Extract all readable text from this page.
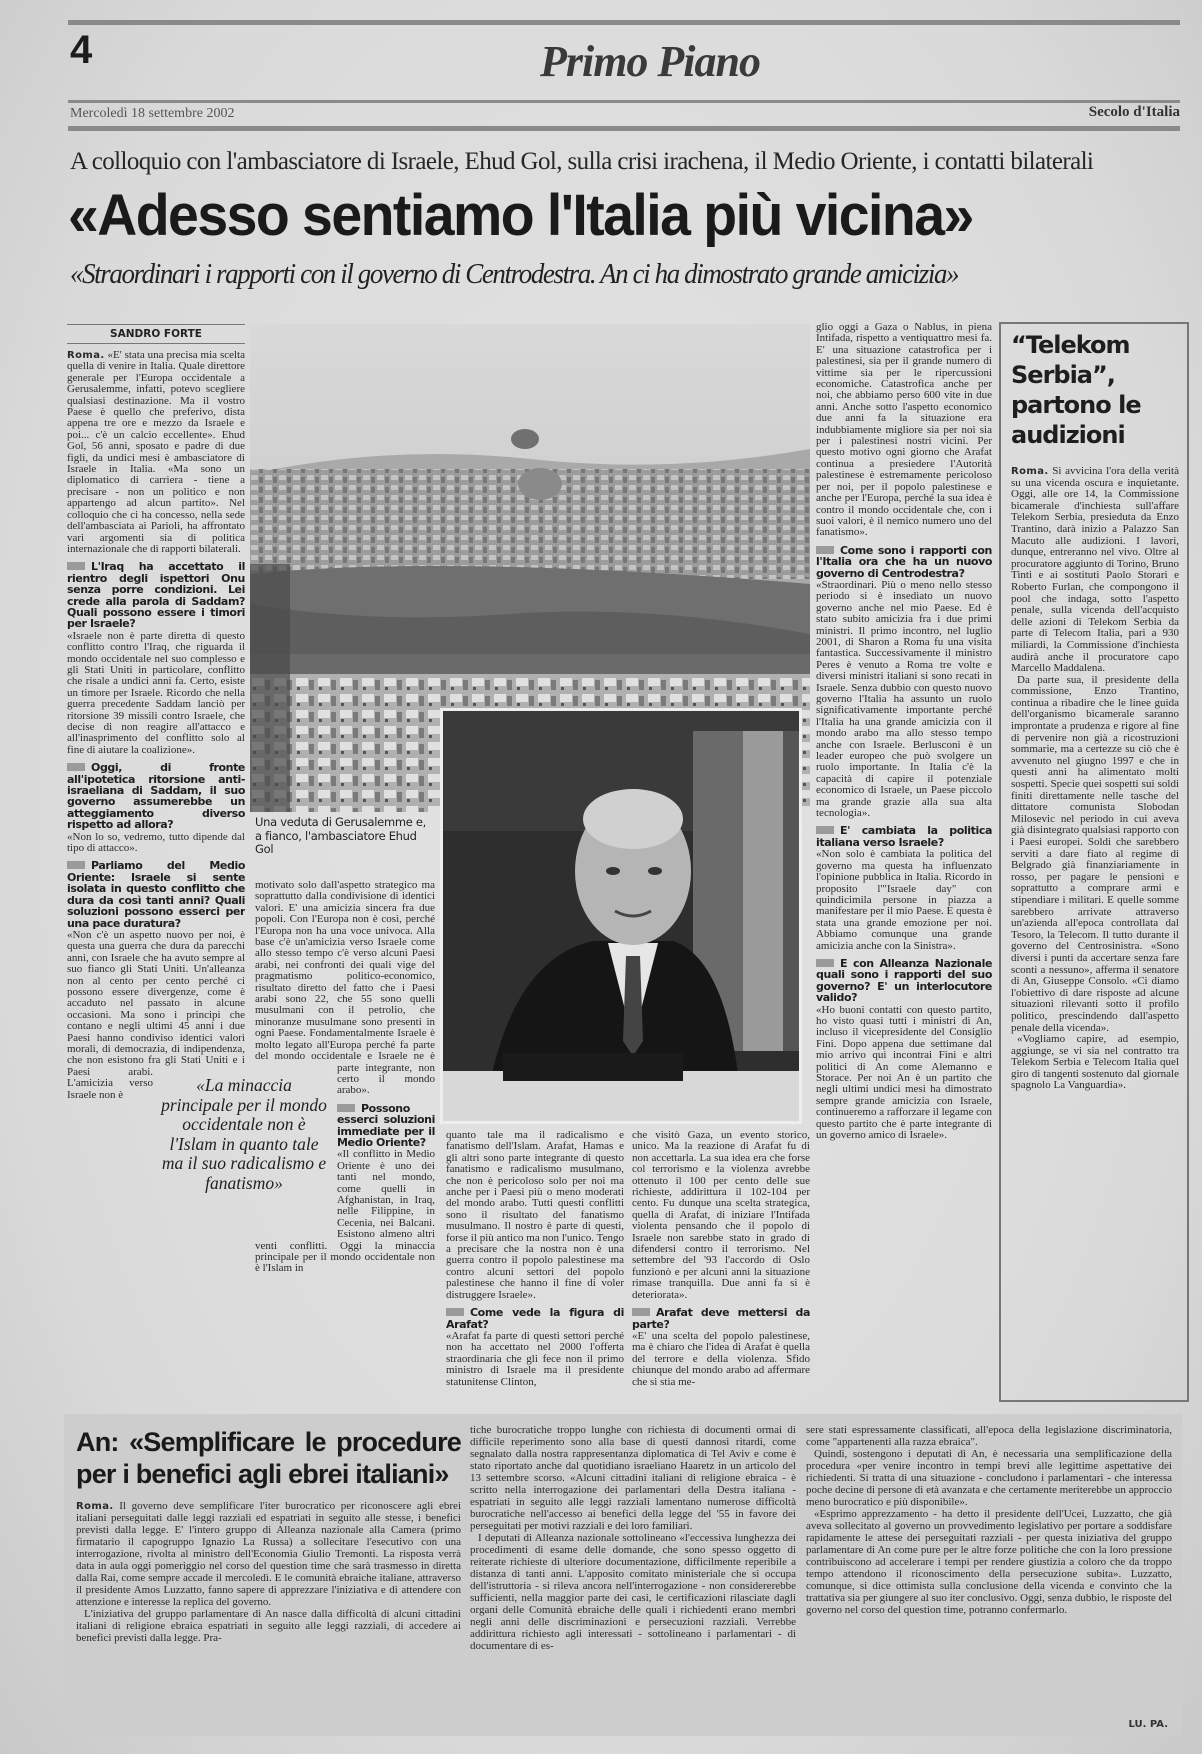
4	Primo Piano
Mercoledì 18 settembre 2002	Secolo d'Italia
A colloquio con l'ambasciatore di Israele, Ehud Gol, sulla crisi irachena, il Medio Oriente, i contatti bilaterali
«Adesso sentiamo l'Italia più vicina»
«Straordinari i rapporti con il governo di Centrodestra. An ci ha dimostrato grande amicizia»
Una veduta di Gerusalemme e, a fianco, l'ambasciatore Ehud Gol
SANDRO FORTE

Roma. «E' stata una precisa mia scelta quella di venire in Italia. Quale direttore generale per l'Europa occidentale a Gerusalemme, infatti, potevo scegliere qualsiasi destinazione. Ma il vostro Paese è quello che preferivo, dista appena tre ore e mezzo da Israele e poi... c'è un calcio eccellente». Ehud Gol, 56 anni, sposato e padre di due figli, da undici mesi è ambasciatore di Israele in Italia. «Ma sono un diplomatico di carriera - tiene a precisare - non un politico e non appartengo ad alcun partito». Nel colloquio che ci ha concesso, nella sede dell'ambasciata ai Parioli, ha affrontato vari argomenti sia di politica internazionale che di rapporti bilaterali.

L'Iraq ha accettato il rientro degli ispettori Onu senza porre condizioni. Lei crede alla parola di Saddam? Quali possono essere i timori per Israele?

«Israele non è parte diretta di questo conflitto contro l'Iraq, che riguarda il mondo occidentale nel suo complesso e gli Stati Uniti in particolare, conflitto che risale a undici anni fa. Certo, esiste un timore per Israele. Ricordo che nella guerra precedente Saddam lanciò per ritorsione 39 missili contro Israele, che decise di non reagire all'attacco e all'inasprimento del conflitto solo al fine di aiutare la coalizione».

Oggi, di fronte all'ipotetica ritorsione anti-israeliana di Saddam, il suo governo assumerebbe un atteggiamento diverso rispetto ad allora?

«Non lo so, vedremo, tutto dipende dal tipo di attacco».

Parliamo del Medio Oriente: Israele si sente isolata in questo conflitto che dura da così tanti anni? Quali soluzioni possono esserci per una pace duratura?

«Non c'è un aspetto nuovo per noi, è questa una guerra che dura da parecchi anni, con Israele che ha avuto sempre al suo fianco gli Stati Uniti. Un'alleanza non al cento per cento perché ci possono essere divergenze, come è accaduto nel passato in alcune occasioni. Ma sono i principi che contano e negli ultimi 45 anni i due Paesi hanno condiviso identici valori morali, di democrazia, di indipendenza, che non esistono fra gli Stati Uniti e i Paesi arabi. L'amicizia verso Israele non è

motivato solo dall'aspetto strategico ma soprattutto dalla condivisione di identici valori. E' una amicizia sincera fra due popoli. Con l'Europa non è così, perché l'Europa non ha una voce univoca. Alla base c'è un'amicizia verso Israele come allo stesso tempo c'è verso alcuni Paesi arabi, nei confronti dei quali vige del pragmatismo politico-economico, risultato diretto del fatto che i Paesi arabi sono 22, che 55 sono quelli musulmani con il petrolio, che minoranze musulmane sono presenti in ogni Paese. Fondamentalmente Israele è molto legato all'Europa perché fa parte del mondo occidentale e Israele ne è parte integrante, non certo il mondo arabo».

Possono esserci soluzioni immediate per il Medio Oriente?

«Il conflitto in Medio Oriente è uno dei tanti nel mondo, come quelli in Afghanistan, in Iraq, nelle Filippine, in Cecenia, nei Balcani. Esistono almeno altri venti conflitti. Oggi la minaccia principale per il mondo occidentale non è l'Islam in

«La minaccia principale per il mondo occidentale non è l'Islam in quanto tale ma il suo radicalismo e fanatismo»

quanto tale ma il radicalismo e fanatismo dell'Islam. Arafat, Hamas e gli altri sono parte integrante di questo fanatismo e radicalismo musulmano, che non è pericoloso solo per noi ma anche per i Paesi più o meno moderati del mondo arabo. Tutti questi conflitti sono il risultato del fanatismo musulmano. Il nostro è parte di questi, forse il più antico ma non l'unico. Tengo a precisare che la nostra non è una guerra contro il popolo palestinese ma contro alcuni settori del popolo palestinese che hanno il fine di voler distruggere Israele».

Come vede la figura di Arafat?

«Arafat fa parte di questi settori perché non ha accettato nel 2000 l'offerta straordinaria che gli fece non il primo ministro di Israele ma il presidente statunitense Clinton,

che visitò Gaza, un evento storico, unico. Ma la reazione di Arafat fu di non accettarla. La sua idea era che forse col terrorismo e la violenza avrebbe ottenuto il 100 per cento delle sue richieste, addirittura il 102-104 per cento. Fu dunque una scelta strategica, quella di Arafat, di iniziare l'Intifada violenta pensando che il popolo di Israele non sarebbe stato in grado di difendersi contro il terrorismo. Nel settembre del '93 l'accordo di Oslo funzionò e per alcuni anni la situazione rimase tranquilla. Due anni fa si è deteriorata».

Arafat deve mettersi da parte?

«E' una scelta del popolo palestinese, ma è chiaro che l'idea di Arafat è quella del terrore e della violenza. Sfido chiunque del mondo arabo ad affermare che si stia me-

glio oggi a Gaza o Nablus, in piena Intifada, rispetto a ventiquattro mesi fa. E' una situazione catastrofica per i palestinesi, sia per il grande numero di vittime sia per le ripercussioni economiche. Catastrofica anche per noi, che abbiamo perso 600 vite in due anni. Anche sotto l'aspetto economico due anni fa la situazione era indubbiamente migliore sia per noi sia per i palestinesi nostri vicini. Per questo motivo ogni giorno che Arafat continua a presiedere l'Autorità palestinese è estremamente pericoloso per noi, per il popolo palestinese e anche per l'Europa, perché la sua idea è contro il mondo occidentale che, con i suoi valori, è il nemico numero uno del fanatismo».

Come sono i rapporti con l'Italia ora che ha un nuovo governo di Centrodestra?

«Straordinari. Più o meno nello stesso periodo si è insediato un nuovo governo anche nel mio Paese. Ed è stato subito amicizia fra i due primi ministri. Il primo incontro, nel luglio 2001, di Sharon a Roma fu una visita fantastica. Successivamente il ministro Peres è venuto a Roma tre volte e diversi ministri italiani si sono recati in Israele. Senza dubbio con questo nuovo governo l'Italia ha assunto un ruolo significativamente importante perché l'Italia ha una grande amicizia con il mondo arabo ma allo stesso tempo anche con Israele. Berlusconi è un leader europeo che può svolgere un ruolo importante. In Italia c'è la capacità di capire il potenziale economico di Israele, un Paese piccolo ma grande grazie alla sua alta tecnologia».

E' cambiata la politica italiana verso Israele?

«Non solo è cambiata la politica del governo ma questa ha influenzato l'opinione pubblica in Italia. Ricordo in proposito l'"Israele day" con quindicimila persone in piazza a manifestare per il mio Paese. E questa è stata una grande emozione per noi. Abbiamo comunque una grande amicizia anche con la Sinistra».

E con Alleanza Nazionale quali sono i rapporti del suo governo? E' un interlocutore valido?

«Ho buoni contatti con questo partito, ho visto quasi tutti i ministri di An, incluso il vicepresidente del Consiglio Fini. Dopo appena due settimane dal mio arrivo qui incontrai Fini e altri politici di An come Alemanno e Storace. Per noi An è un partito che negli ultimi undici mesi ha dimostrato sempre grande amicizia con Israele, continueremo a rafforzare il legame con questo partito che è parte integrante di un governo amico di Israele».

“Telekom Serbia”, partono le audizioni

Roma. Si avvicina l'ora della verità su una vicenda oscura e inquietante. Oggi, alle ore 14, la Commissione bicamerale d'inchiesta sull'affare Telekom Serbia, presieduta da Enzo Trantino, darà inizio a Palazzo San Macuto alle audizioni. I lavori, dunque, entreranno nel vivo. Oltre al procuratore aggiunto di Torino, Bruno Tinti e ai sostituti Paolo Storari e Roberto Furlan, che compongono il pool che indaga, sotto l'aspetto penale, sulla vicenda dell'acquisto delle azioni di Telekom Serbia da parte di Telecom Italia, pari a 930 miliardi, la Commissione d'inchiesta audirà anche il procuratore capo Marcello Maddalena.

Da parte sua, il presidente della commissione, Enzo Trantino, continua a ribadire che le linee guida dell'organismo bicamerale saranno improntate a prudenza e rigore al fine di pervenire non già a ricostruzioni sommarie, ma a certezze su ciò che è avvenuto nel giugno 1997 e che in questi anni ha alimentato molti sospetti. Specie quei sospetti sui soldi finiti direttamente nelle tasche del dittatore comunista Slobodan Milosevic nel periodo in cui aveva già disintegrato qualsiasi rapporto con i Paesi europei. Soldi che sarebbero serviti a dare fiato al regime di Belgrado già finanziariamente in rosso, per pagare le pensioni e soprattutto a comprare armi e stipendiare i militari. E quelle somme sarebbero arrivate attraverso un'azienda all'epoca controllata dal Tesoro, la Telecom. Il tutto durante il governo del Centrosinistra. «Sono diversi i punti da accertare senza fare sconti a nessuno», afferma il senatore di An, Giuseppe Consolo. «Ci diamo l'obiettivo di dare risposte ad alcune situazioni rilevanti sotto il profilo politico, prescindendo dall'aspetto penale della vicenda».

«Vogliamo capire, ad esempio, aggiunge, se vi sia nel contratto tra Telekom Serbia e Telecom Italia quel giro di tangenti sostenuto dal giornale spagnolo La Vanguardia».

An: «Semplificare le procedure per i benefici agli ebrei italiani»

Roma. Il governo deve semplificare l'iter burocratico per riconoscere agli ebrei italiani perseguitati dalle leggi razziali ed espatriati in seguito alle stesse, i benefici previsti dalla legge. E' l'intero gruppo di Alleanza nazionale alla Camera (primo firmatario il capogruppo Ignazio La Russa) a sollecitare l'esecutivo con una interrogazione, rivolta al ministro dell'Economia Giulio Tremonti. La risposta verrà data in aula oggi pomeriggio nel corso del question time che sarà trasmesso in diretta dalla Rai, come sempre accade il mercoledì. E le comunità ebraiche italiane, attraverso il presidente Amos Luzzatto, fanno sapere di apprezzare l'iniziativa e di attendere con attenzione e interesse la replica del governo.

L'iniziativa del gruppo parlamentare di An nasce dalla difficoltà di alcuni cittadini italiani di religione ebraica espatriati in seguito alle leggi razziali, di accedere ai benefici previsti dalla legge. Pra-

tiche burocratiche troppo lunghe con richiesta di documenti ormai di difficile reperimento sono alla base di questi dannosi ritardi, come segnalato dalla nostra rappresentanza diplomatica di Tel Aviv e come è stato riportato anche dal quotidiano israeliano Haaretz in un articolo del 13 settembre scorso. «Alcuni cittadini italiani di religione ebraica - è scritto nella interrogazione dei parlamentari della Destra italiana - espatriati in seguito alle leggi razziali lamentano numerose difficoltà burocratiche nell'accesso ai benefici della legge del '55 in favore dei perseguitati per motivi razziali e dei loro familiari.

I deputati di Alleanza nazionale sottolineano «l'eccessiva lunghezza dei procedimenti di esame delle domande, che sono spesso oggetto di reiterate richieste di ulteriore documentazione, difficilmente reperibile a distanza di tanti anni. L'apposito comitato ministeriale che si occupa dell'istruttoria - si rileva ancora nell'interrogazione - non considererebbe sufficienti, nella maggior parte dei casi, le certificazioni rilasciate dagli organi delle Comunità ebraiche delle quali i richiedenti erano membri negli anni delle discriminazioni e persecuzioni razziali. Verrebbe addirittura richiesto agli interessati - sottolineano i parlamentari - di documentare di es-

sere stati espressamente classificati, all'epoca della legislazione discriminatoria, come "appartenenti alla razza ebraica".

Quindi, sostengono i deputati di An, è necessaria una semplificazione della procedura «per venire incontro in tempi brevi alle legittime aspettative dei richiedenti. Si tratta di una situazione - concludono i parlamentari - che interessa poche decine di persone di età avanzata e che certamente meriterebbe un approccio meno burocratico e più disponibile».

«Esprimo apprezzamento - ha detto il presidente dell'Ucei, Luzzatto, che già aveva sollecitato al governo un provvedimento legislativo per portare a soddisfare rapidamente le attese dei perseguitati razziali - per questa iniziativa del gruppo parlamentare di An come pure per le altre forze politiche che con la loro pressione contribuiscono ad accelerare i tempi per rendere giustizia a coloro che da troppo tempo attendono il riconoscimento della persecuzione subita». Luzzatto, comunque, si dice ottimista sulla conclusione della vicenda e convinto che la trattativa sia per giungere al suo iter conclusivo. Oggi, senza dubbio, le risposte del governo nel corso del question time, potranno confermarlo.

LU. PA.
